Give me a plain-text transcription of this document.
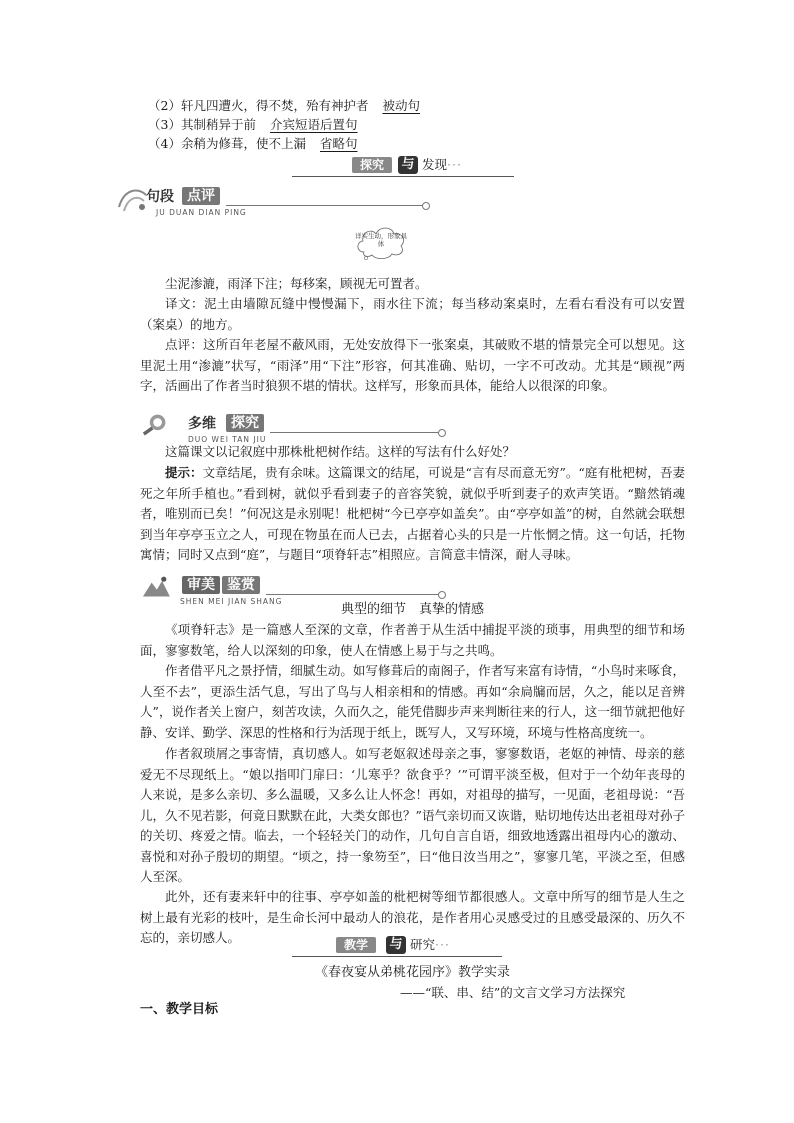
（2）轩凡四遭火，得不焚，殆有神护者 被动句
（3）其制稍异于前 介宾短语后置句
（4）余稍为修葺，使不上漏 省略句
探究	与 发现···
句段 点评
JU DUAN DIAN PING
详实生动，形象具体
尘泥渗漉，雨泽下注；每移案，顾视无可置者。
译文：泥土由墙隙瓦缝中慢慢漏下，雨水往下流；每当移动案桌时，左看右看没有可以安置（案桌）的地方。
点评：这所百年老屋不蔽风雨，无处安放得下一张案桌，其破败不堪的情景完全可以想见。这里泥土用“渗漉”状写，“雨泽”用“下注”形容，何其准确、贴切，一字不可改动。尤其是“顾视”两字，活画出了作者当时狼狈不堪的情状。这样写，形象而具体，能给人以很深的印象。
多维	探究
DUO WEI TAN JIU
这篇课文以记叙庭中那株枇杷树作结。这样的写法有什么好处？
提示：文章结尾，贵有余味。这篇课文的结尾，可说是“言有尽而意无穷”。“庭有枇杷树，吾妻死之年所手植也。”看到树，就似乎看到妻子的音容笑貌，就似乎听到妻子的欢声笑语。“黯然销魂者，唯别而已矣！”何况这是永别呢！枇杷树“今已亭亭如盖矣”。由“亭亭如盖”的树，自然就会联想到当年亭亭玉立之人，可现在物虽在而人已去，占据着心头的只是一片怅惘之情。这一句话，托物寓情；同时又点到“庭”，与题目“项脊轩志”相照应。言简意丰情深，耐人寻味。
审美 鉴赏
SHEN MEI JIAN SHANG
典型的细节　真挚的情感
《项脊轩志》是一篇感人至深的文章，作者善于从生活中捕捉平淡的琐事，用典型的细节和场面，寥寥数笔，给人以深刻的印象，使人在情感上易于与之共鸣。
作者借平凡之景抒情，细腻生动。如写修葺后的南阁子，作者写来富有诗情，“小鸟时来啄食，人至不去”，更添生活气息，写出了鸟与人相亲相和的情感。再如“余扃牖而居，久之，能以足音辨人”，说作者关上窗户，刻苦攻读，久而久之，能凭借脚步声来判断往来的行人，这一细节就把他好静、安详、勤学、深思的性格和行为活现于纸上，既写人，又写环境，环境与性格高度统一。
作者叙琐屑之事寄情，真切感人。如写老妪叙述母亲之事，寥寥数语，老妪的神情、母亲的慈爱无不尽现纸上。“娘以指叩门扉曰：‘儿寒乎？欲食乎？’”可谓平淡至极，但对于一个幼年丧母的人来说，是多么亲切、多么温暖，又多么让人怀念！再如，对祖母的描写，一见面，老祖母说：“吾儿，久不见若影，何竟日默默在此，大类女郎也？”语气亲切而又诙谐，贴切地传达出老祖母对孙子的关切、疼爱之情。临去，一个轻轻关门的动作，几句自言自语，细致地透露出祖母内心的激动、喜悦和对孙子殷切的期望。“顷之，持一象笏至”，曰“他日汝当用之”，寥寥几笔，平淡之至，但感人至深。
此外，还有妻来轩中的往事、亭亭如盖的枇杷树等细节都很感人。文章中所写的细节是人生之树上最有光彩的枝叶，是生命长河中最动人的浪花，是作者用心灵感受过的且感受最深的、历久不忘的，亲切感人。	教学	与 研究···
《春夜宴从弟桃花园序》教学实录
——“联、串、结”的文言文学习方法探究
一、教学目标
